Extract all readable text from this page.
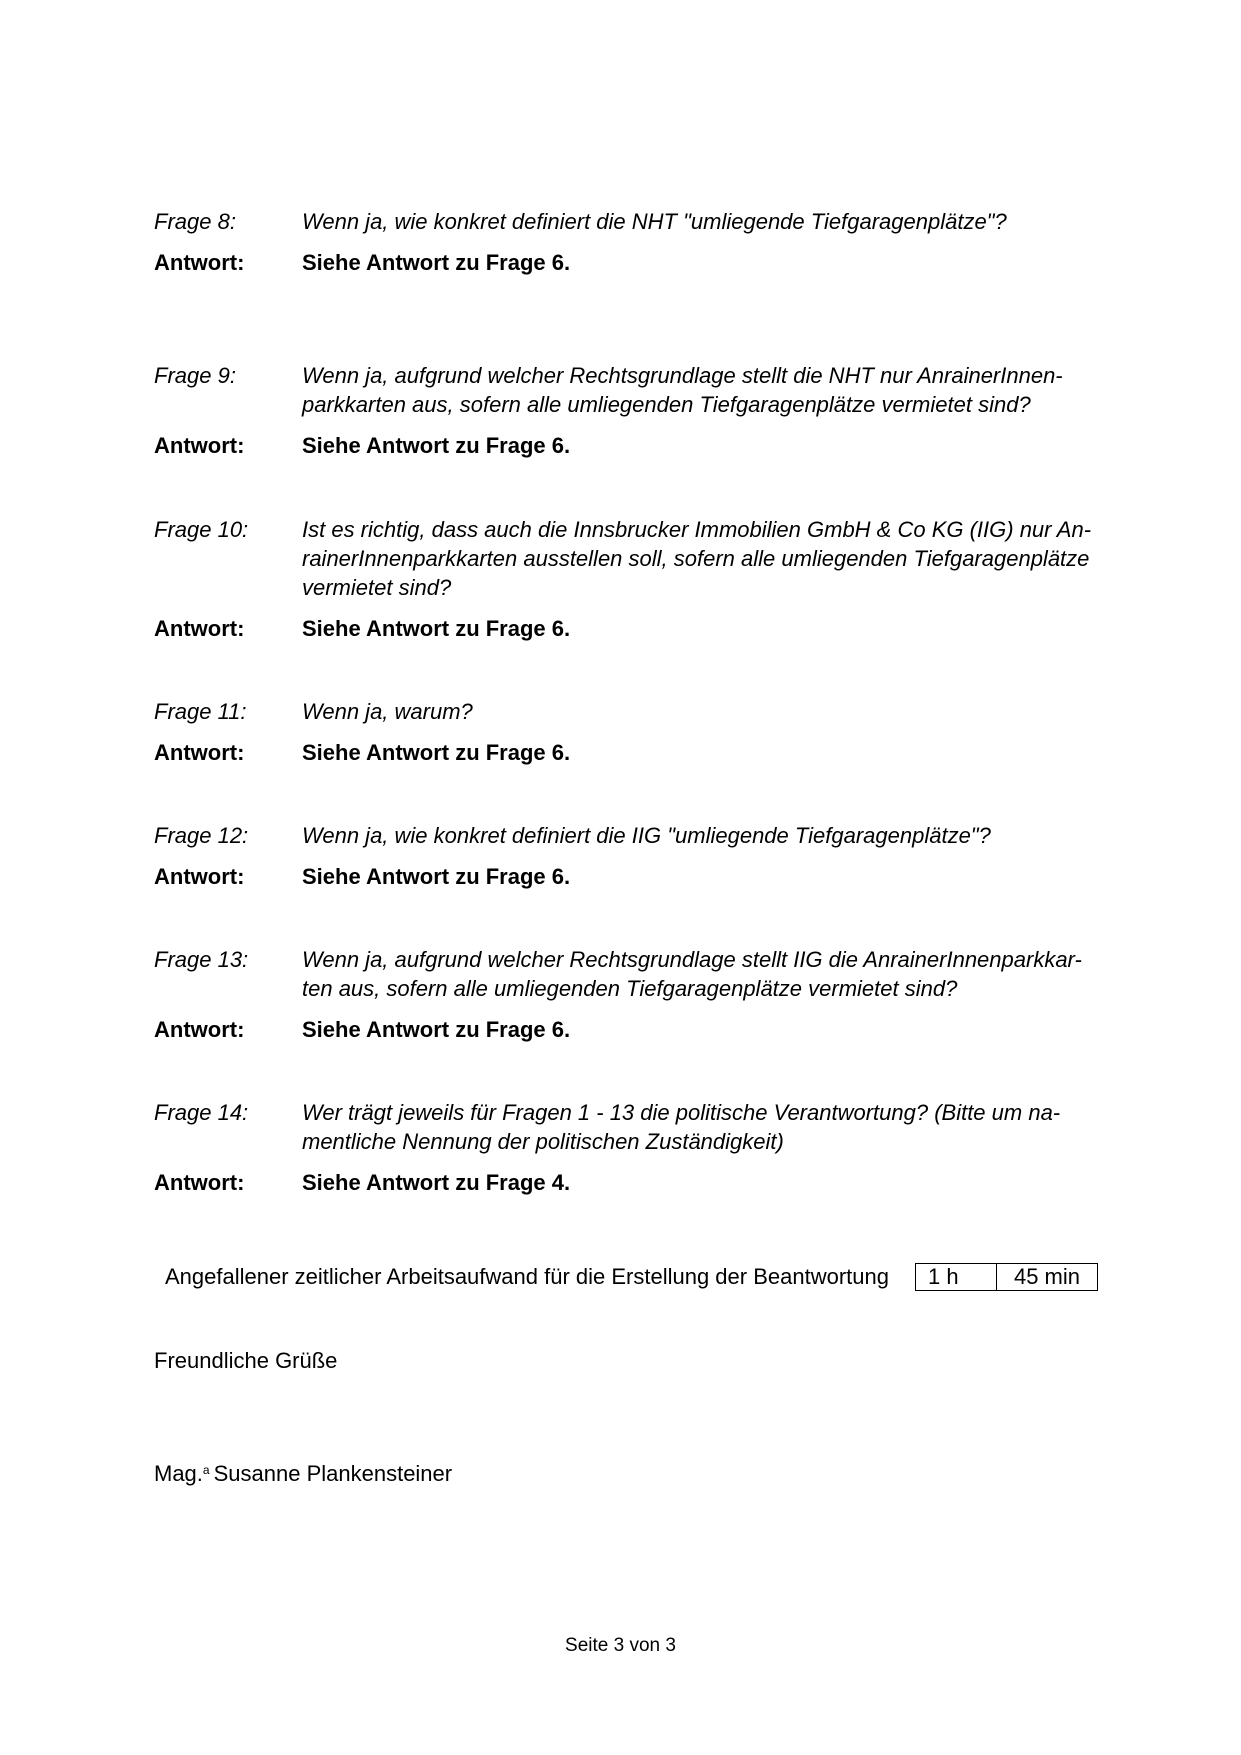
Frage 8:	Wenn ja, wie konkret definiert die NHT "umliegende Tiefgaragenplätze"?
Antwort:	Siehe Antwort zu Frage 6.
Frage 9:	Wenn ja, aufgrund welcher Rechtsgrundlage stellt die NHT nur AnrainerInnen-
parkkarten aus, sofern alle umliegenden Tiefgaragenplätze vermietet sind?
Antwort:	Siehe Antwort zu Frage 6.
Frage 10:	Ist es richtig, dass auch die Innsbrucker Immobilien GmbH & Co KG (IIG) nur An-
rainerInnenparkkarten ausstellen soll, sofern alle umliegenden Tiefgaragenplätze
vermietet sind?
Antwort:	Siehe Antwort zu Frage 6.
Frage 11:	Wenn ja, warum?
Antwort:	Siehe Antwort zu Frage 6.
Frage 12:	Wenn ja, wie konkret definiert die IIG "umliegende Tiefgaragenplätze"?
Antwort:	Siehe Antwort zu Frage 6.
Frage 13:	Wenn ja, aufgrund welcher Rechtsgrundlage stellt IIG die AnrainerInnenparkkar-
ten aus, sofern alle umliegenden Tiefgaragenplätze vermietet sind?
Antwort:	Siehe Antwort zu Frage 6.
Frage 14:	Wer trägt jeweils für Fragen 1 - 13 die politische Verantwortung? (Bitte um na-
mentliche Nennung der politischen Zuständigkeit)
Antwort:	Siehe Antwort zu Frage 4.
Angefallener zeitlicher Arbeitsaufwand für die Erstellung der Beantwortung	1 h	45 min
Freundliche Grüße
Mag.$^a$ Susanne Plankensteiner
Seite 3 von 3
